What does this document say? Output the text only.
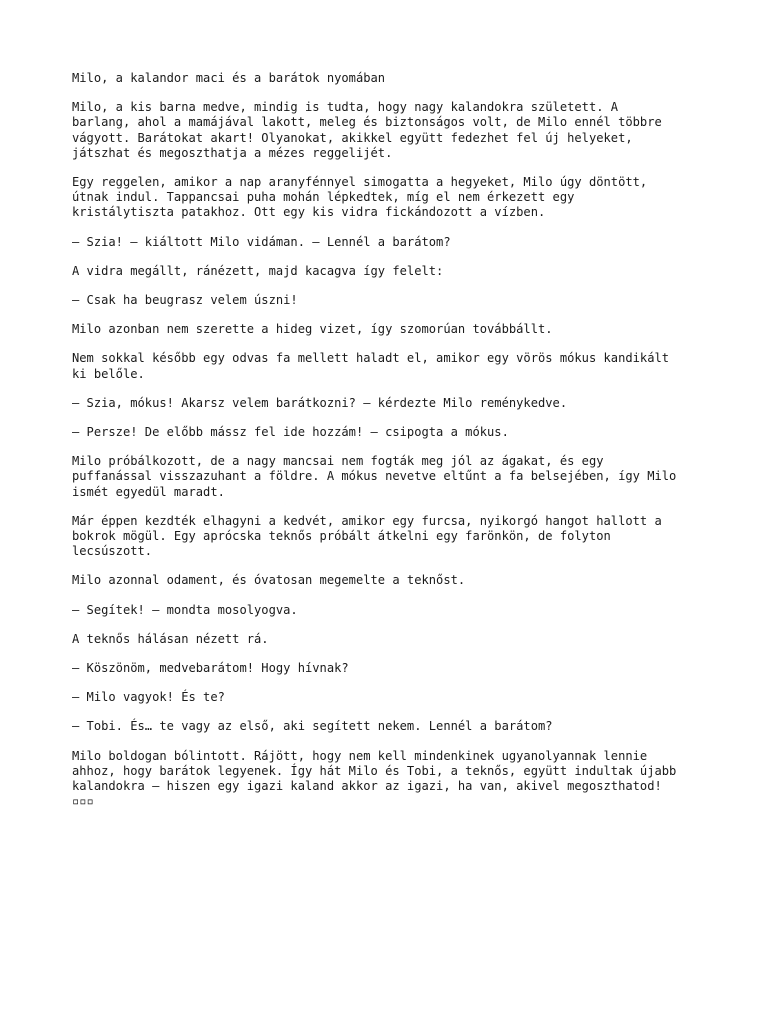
Milo, a kalandor maci és a barátok nyomában

Milo, a kis barna medve, mindig is tudta, hogy nagy kalandokra született. A
barlang, ahol a mamájával lakott, meleg és biztonságos volt, de Milo ennél többre
vágyott. Barátokat akart! Olyanokat, akikkel együtt fedezhet fel új helyeket,
játszhat és megoszthatja a mézes reggelijét.

Egy reggelen, amikor a nap aranyfénnyel simogatta a hegyeket, Milo úgy döntött,
útnak indul. Tappancsai puha mohán lépkedtek, míg el nem érkezett egy
kristálytiszta patakhoz. Ott egy kis vidra fickándozott a vízben.

— Szia! — kiáltott Milo vidáman. — Lennél a barátom?

A vidra megállt, ránézett, majd kacagva így felelt:

— Csak ha beugrasz velem úszni!

Milo azonban nem szerette a hideg vizet, így szomorúan továbbállt.

Nem sokkal később egy odvas fa mellett haladt el, amikor egy vörös mókus kandikált
ki belőle.

— Szia, mókus! Akarsz velem barátkozni? — kérdezte Milo reménykedve.

— Persze! De előbb mássz fel ide hozzám! — csipogta a mókus.

Milo próbálkozott, de a nagy mancsai nem fogták meg jól az ágakat, és egy
puffanással visszazuhant a földre. A mókus nevetve eltűnt a fa belsejében, így Milo
ismét egyedül maradt.

Már éppen kezdték elhagyni a kedvét, amikor egy furcsa, nyikorgó hangot hallott a
bokrok mögül. Egy aprócska teknős próbált átkelni egy farönkön, de folyton
lecsúszott.

Milo azonnal odament, és óvatosan megemelte a teknőst.

— Segítek! — mondta mosolyogva.

A teknős hálásan nézett rá.

— Köszönöm, medvebarátom! Hogy hívnak?

— Milo vagyok! És te?

— Tobi. És… te vagy az első, aki segített nekem. Lennél a barátom?

Milo boldogan bólintott. Rájött, hogy nem kell mindenkinek ugyanolyannak lennie
ahhoz, hogy barátok legyenek. Így hát Milo és Tobi, a teknős, együtt indultak újabb
kalandokra – hiszen egy igazi kaland akkor az igazi, ha van, akivel megoszthatod!
▫▫▫
